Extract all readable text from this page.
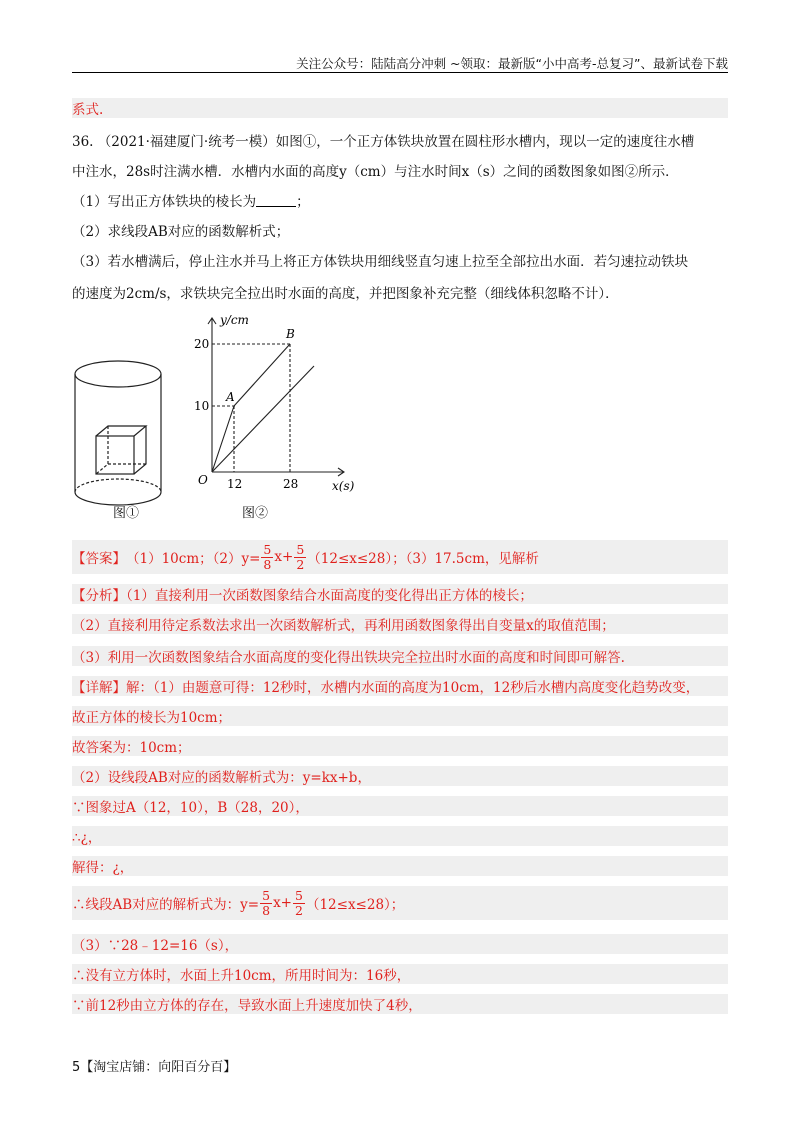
关注公众号：陆陆高分冲刺 ~领取：最新版“小中高考-总复习”、最新试卷下载
系式.
36. （2021·福建厦门·统考一模）如图①，一个正方体铁块放置在圆柱形水槽内，现以一定的速度往水槽
中注水，28s时注满水槽．水槽内水面的高度y（cm）与注水时间x（s）之间的函数图象如图②所示．
（1）写出正方体铁块的棱长为	；
（2）求线段AB对应的函数解析式；
（3）若水槽满后，停止注水并马上将正方体铁块用细线竖直匀速上拉至全部拉出水面．若匀速拉动铁块
的速度为2cm/s，求铁块完全拉出时水面的高度，并把图象补充完整（细线体积忽略不计）．
图①
y/cm
x(s)
O
20
10
12	28
A
B
图②
【答案】 （1）10cm；$(2)y= \frac{5}{8} x+ \frac{5}{2} (12\le x\le 28)$；（3）17.5cm，见解析
【分析】（1）直接利用一次函数图象结合水面高度的变化得出正方体的棱长；
（2）直接利用待定系数法求出一次函数解析式，再利用函数图象得出自变量x的取值范围；
（3）利用一次函数图象结合水面高度的变化得出铁块完全拉出时水面的高度和时间即可解答.
【详解】解：（1）由题意可得：12秒时，水槽内水面的高度为10cm，12秒后水槽内高度变化趋势改变，
故正方体的棱长为10cm；
故答案为：10cm；
（2）设线段AB对应的函数解析式为：y=kx+b，
∵图象过A（12，10），B（28，20），
∴¿，
解得：¿，
∴线段AB对应的解析式为：$y= \frac{5}{8} x+ \frac{5}{2} (12\le x\le 28)$；
（3）∵28﹣12=16（s），
∴没有立方体时，水面上升10cm，所用时间为：16秒，
∵前12秒由立方体的存在，导致水面上升速度加快了4秒，
5【淘宝店铺：向阳百分百】
